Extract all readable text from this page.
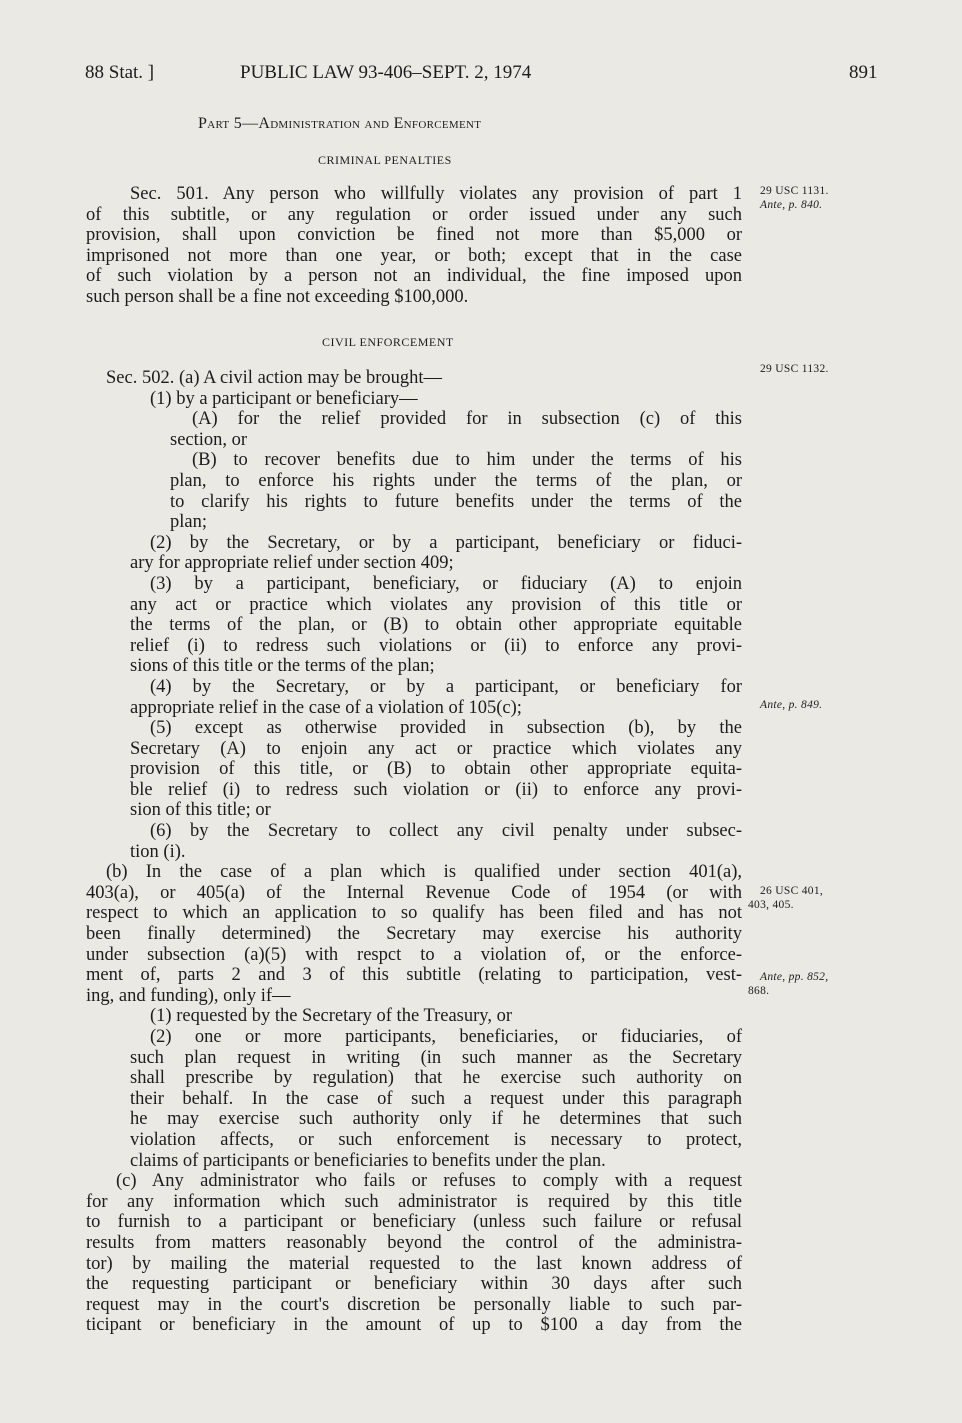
88 Stat. ]	PUBLIC LAW 93-406–SEPT. 2, 1974	891
Part 5—Administration and Enforcement
CRIMINAL PENALTIES
Sec. 501. Any person who willfully violates any provision of part 1
of this subtitle, or any regulation or order issued under any such
provision, shall upon conviction be fined not more than $5,000 or
imprisoned not more than one year, or both; except that in the case
of such violation by a person not an individual, the fine imposed upon
such person shall be a fine not exceeding $100,000.
CIVIL ENFORCEMENT
Sec. 502. (a) A civil action may be brought—
(1) by a participant or beneficiary—
(A) for the relief provided for in subsection (c) of this
section, or
(B) to recover benefits due to him under the terms of his
plan, to enforce his rights under the terms of the plan, or
to clarify his rights to future benefits under the terms of the
plan;
(2) by the Secretary, or by a participant, beneficiary or fiduci-
ary for appropriate relief under section 409;
(3) by a participant, beneficiary, or fiduciary (A) to enjoin
any act or practice which violates any provision of this title or
the terms of the plan, or (B) to obtain other appropriate equitable
relief (i) to redress such violations or (ii) to enforce any provi-
sions of this title or the terms of the plan;
(4) by the Secretary, or by a participant, or beneficiary for
appropriate relief in the case of a violation of 105(c);
(5) except as otherwise provided in subsection (b), by the
Secretary (A) to enjoin any act or practice which violates any
provision of this title, or (B) to obtain other appropriate equita-
ble relief (i) to redress such violation or (ii) to enforce any provi-
sion of this title; or
(6) by the Secretary to collect any civil penalty under subsec-
tion (i).
(b) In the case of a plan which is qualified under section 401(a),
403(a), or 405(a) of the Internal Revenue Code of 1954 (or with
respect to which an application to so qualify has been filed and has not
been finally determined) the Secretary may exercise his authority
under subsection (a)(5) with respct to a violation of, or the enforce-
ment of, parts 2 and 3 of this subtitle (relating to participation, vest-
ing, and funding), only if—
(1) requested by the Secretary of the Treasury, or
(2) one or more participants, beneficiaries, or fiduciaries, of
such plan request in writing (in such manner as the Secretary
shall prescribe by regulation) that he exercise such authority on
their behalf. In the case of such a request under this paragraph
he may exercise such authority only if he determines that such
violation affects, or such enforcement is necessary to protect,
claims of participants or beneficiaries to benefits under the plan.
(c) Any administrator who fails or refuses to comply with a request
for any information which such administrator is required by this title
to furnish to a participant or beneficiary (unless such failure or refusal
results from matters reasonably beyond the control of the administra-
tor) by mailing the material requested to the last known address of
the requesting participant or beneficiary within 30 days after such
request may in the court's discretion be personally liable to such par-
ticipant or beneficiary in the amount of up to $100 a day from the
29 USC 1131.
Ante, p. 840.
29 USC 1132.
Ante, p. 849.
26 USC 401,
403, 405.
Ante, pp. 852,
868.
